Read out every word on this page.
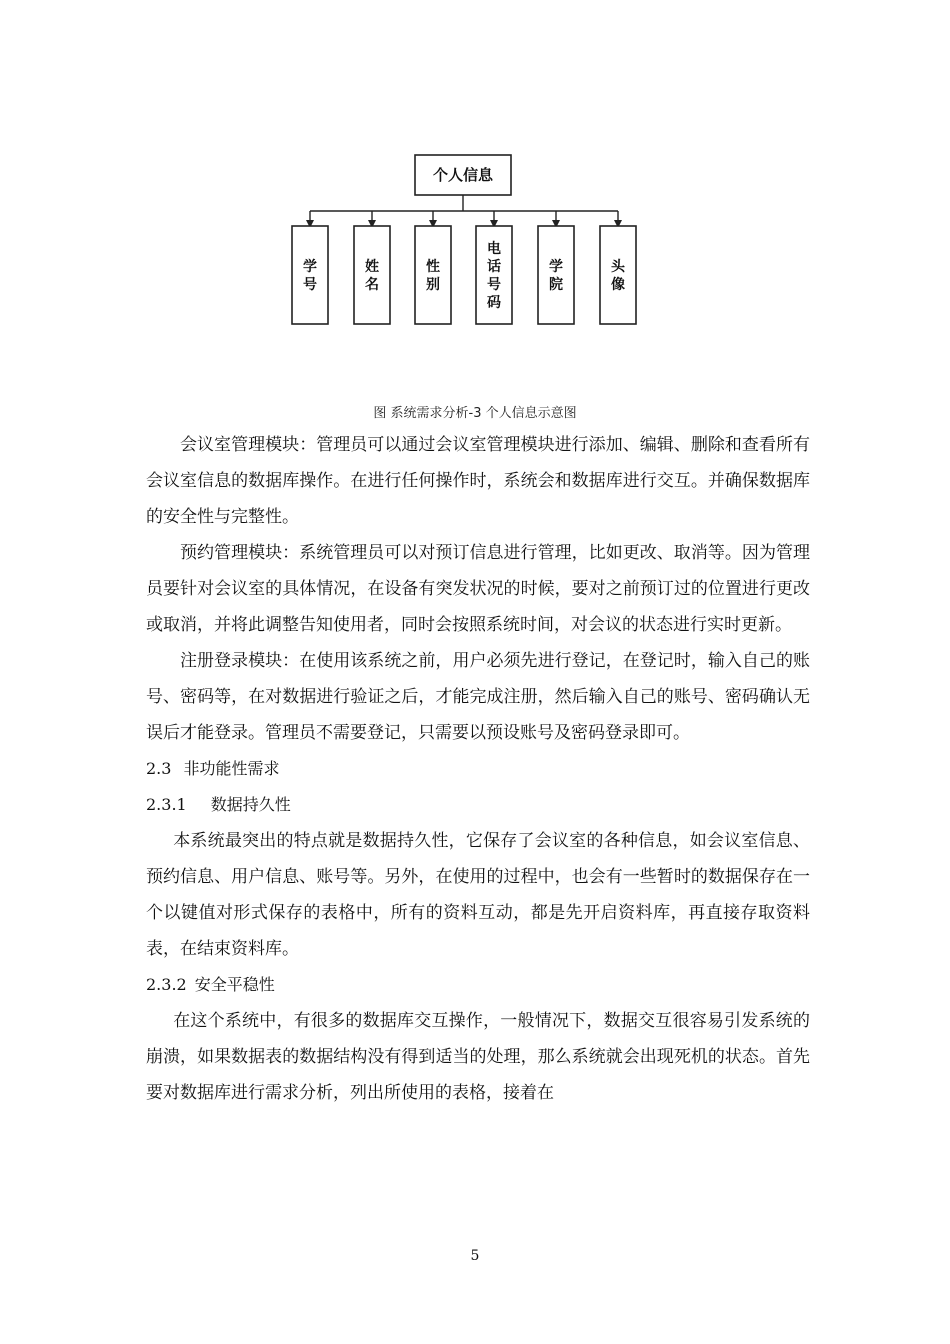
个人信息
学号
姓名
性别
电话号码
学院
头像
图 系统需求分析-3 个人信息示意图

会议室管理模块：管理员可以通过会议室管理模块进行添加、编辑、删除和查看所有会议室信息的数据库操作。在进行任何操作时，系统会和数据库进行交互。并确保数据库的安全性与完整性。

预约管理模块：系统管理员可以对预订信息进行管理，比如更改、取消等。因为管理员要针对会议室的具体情况，在设备有突发状况的时候，要对之前预订过的位置进行更改或取消，并将此调整告知使用者，同时会按照系统时间，对会议的状态进行实时更新。

注册登录模块：在使用该系统之前，用户必须先进行登记，在登记时，输入自己的账号、密码等，在对数据进行验证之后，才能完成注册，然后输入自己的账号、密码确认无误后才能登录。管理员不需要登记，只需要以预设账号及密码登录即可。

2.3 非功能性需求

2.3.1 数据持久性

本系统最突出的特点就是数据持久性，它保存了会议室的各种信息，如会议室信息、预约信息、用户信息、账号等。另外，在使用的过程中，也会有一些暂时的数据保存在一个以键值对形式保存的表格中，所有的资料互动，都是先开启资料库，再直接存取资料表，在结束资料库。

2.3.2 安全平稳性

在这个系统中，有很多的数据库交互操作，一般情况下，数据交互很容易引发系统的崩溃，如果数据表的数据结构没有得到适当的处理，那么系统就会出现死机的状态。首先要对数据库进行需求分析，列出所使用的表格，接着在

5
